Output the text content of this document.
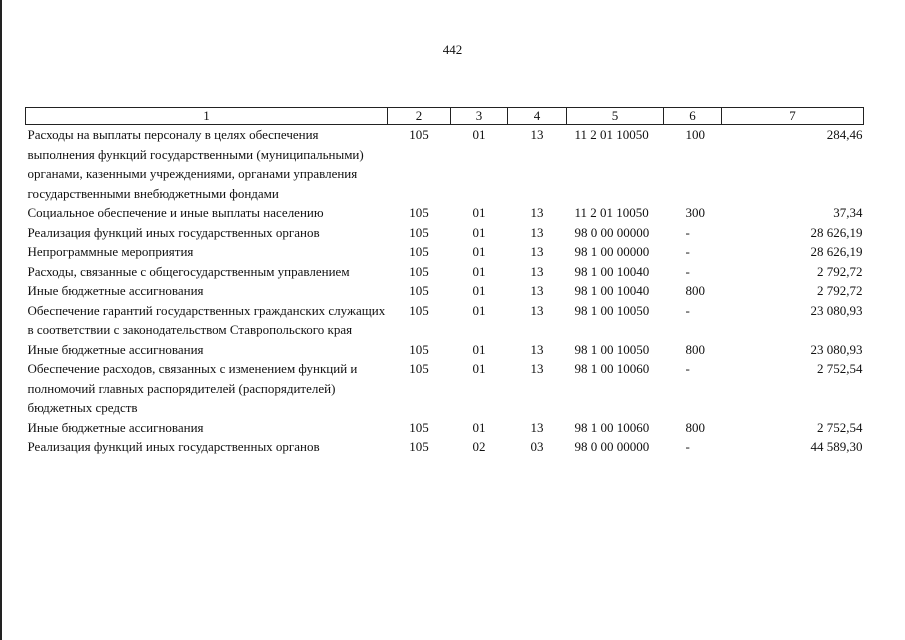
442
1	2	3	4	5	6	7
Расходы на выплаты персоналу в целях обеспечения выполнения функций государственными (муниципальными) органами, казенными учреждениями, органами управления государственными внебюджетными фондами	105	01	13	11 2 01 10050	100	284,46
Социальное обеспечение и иные выплаты населению	105	01	13	11 2 01 10050	300	37,34
Реализация функций иных государственных органов	105	01	13	98 0 00 00000	-	28 626,19
Непрограммные мероприятия	105	01	13	98 1 00 00000	-	28 626,19
Расходы, связанные с общегосударственным управлением	105	01	13	98 1 00 10040	-	2 792,72
Иные бюджетные ассигнования	105	01	13	98 1 00 10040	800	2 792,72
Обеспечение гарантий государственных гражданских служащих в соответствии с законодательством Ставропольского края	105	01	13	98 1 00 10050	-	23 080,93
Иные бюджетные ассигнования	105	01	13	98 1 00 10050	800	23 080,93
Обеспечение расходов, связанных с изменением функций и полномочий главных распорядителей (распорядителей) бюджетных средств	105	01	13	98 1 00 10060	-	2 752,54
Иные бюджетные ассигнования	105	01	13	98 1 00 10060	800	2 752,54
Реализация функций иных государственных органов	105	02	03	98 0 00 00000	-	44 589,30
